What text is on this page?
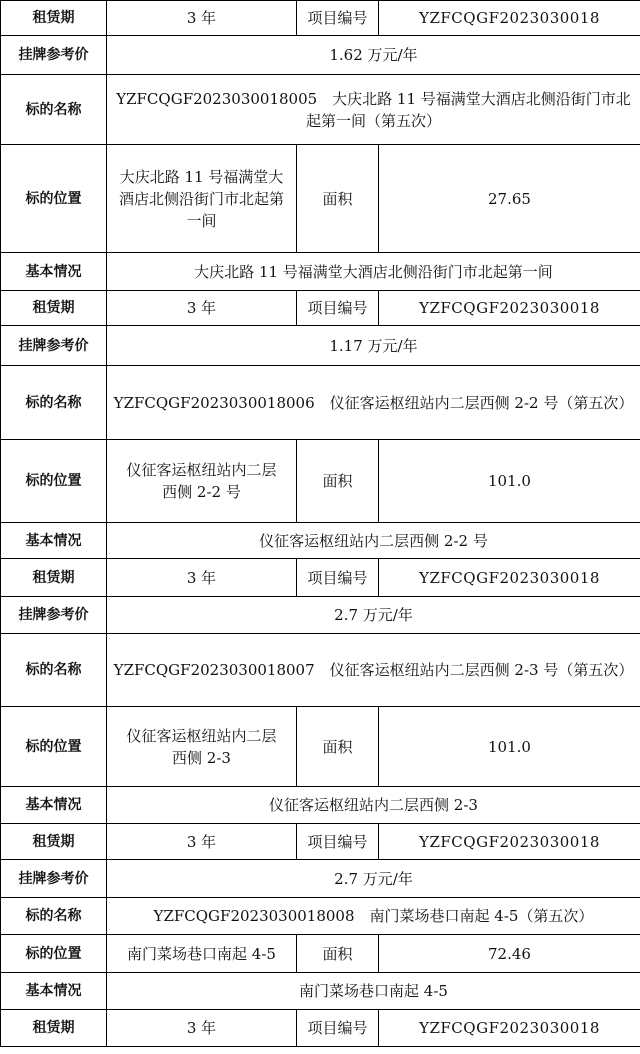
租赁期	3 年	项目编号	YZFCQGF2023030018
挂牌参考价	1.62 万元/年		
标的名称	YZFCQGF2023030018005　大庆北路 11 号福满堂大酒店北侧沿街门市北起第一间（第五次）		
标的位置	大庆北路 11 号福满堂大酒店北侧沿街门市北起第一间	面积	27.65
基本情况	大庆北路 11 号福满堂大酒店北侧沿街门市北起第一间		
租赁期	3 年	项目编号	YZFCQGF2023030018
挂牌参考价	1.17 万元/年		
标的名称	YZFCQGF2023030018006　仪征客运枢纽站内二层西侧 2-2 号（第五次）		
标的位置	仪征客运枢纽站内二层西侧 2-2 号	面积	101.0
基本情况	仪征客运枢纽站内二层西侧 2-2 号		
租赁期	3 年	项目编号	YZFCQGF2023030018
挂牌参考价	2.7 万元/年		
标的名称	YZFCQGF2023030018007　仪征客运枢纽站内二层西侧 2-3 号（第五次）		
标的位置	仪征客运枢纽站内二层西侧 2-3	面积	101.0
基本情况	仪征客运枢纽站内二层西侧 2-3		
租赁期	3 年	项目编号	YZFCQGF2023030018
挂牌参考价	2.7 万元/年		
标的名称	YZFCQGF2023030018008　南门菜场巷口南起 4-5（第五次）		
标的位置	南门菜场巷口南起 4-5	面积	72.46
基本情况	南门菜场巷口南起 4-5		
租赁期	3 年	项目编号	YZFCQGF2023030018
